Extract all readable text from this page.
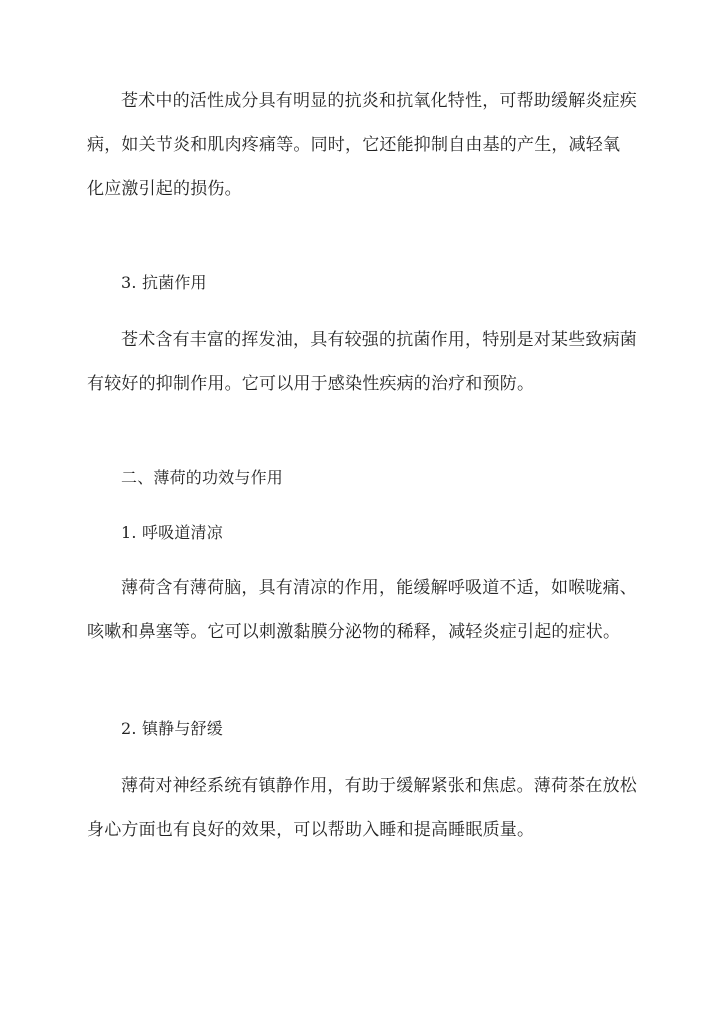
苍术中的活性成分具有明显的抗炎和抗氧化特性，可帮助缓解炎症疾病，如关节炎和肌肉疼痛等。同时，它还能抑制自由基的产生，减轻氧化应激引起的损伤。

3. 抗菌作用

苍术含有丰富的挥发油，具有较强的抗菌作用，特别是对某些致病菌有较好的抑制作用。它可以用于感染性疾病的治疗和预防。

二、薄荷的功效与作用

1. 呼吸道清凉

薄荷含有薄荷脑，具有清凉的作用，能缓解呼吸道不适，如喉咙痛、咳嗽和鼻塞等。它可以刺激黏膜分泌物的稀释，减轻炎症引起的症状。

2. 镇静与舒缓

薄荷对神经系统有镇静作用，有助于缓解紧张和焦虑。薄荷茶在放松身心方面也有良好的效果，可以帮助入睡和提高睡眠质量。
